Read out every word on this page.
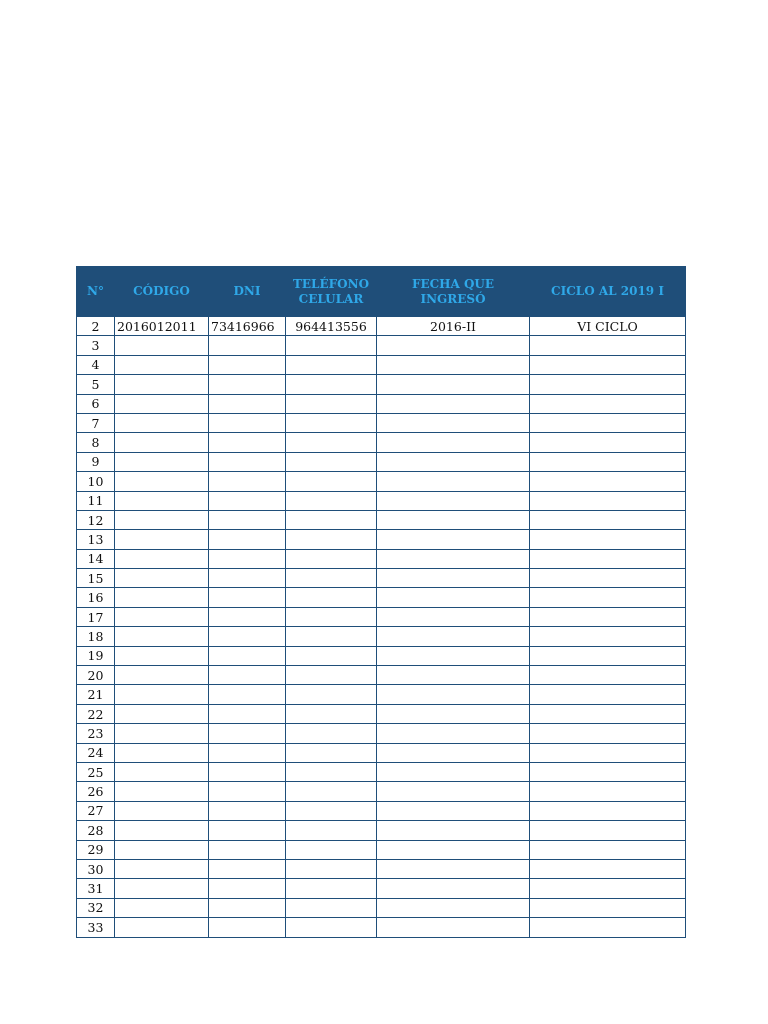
N°	CÓDIGO	DNI	TELÉFONO CELULAR	FECHA QUE INGRESÓ	CICLO AL 2019 I
2	2016012011	73416966	964413556	2016-II	VI CICLO
3					
4					
5					
6					
7					
8					
9					
10					
11					
12					
13					
14					
15					
16					
17					
18					
19					
20					
21					
22					
23					
24					
25					
26					
27					
28					
29					
30					
31					
32					
33					
